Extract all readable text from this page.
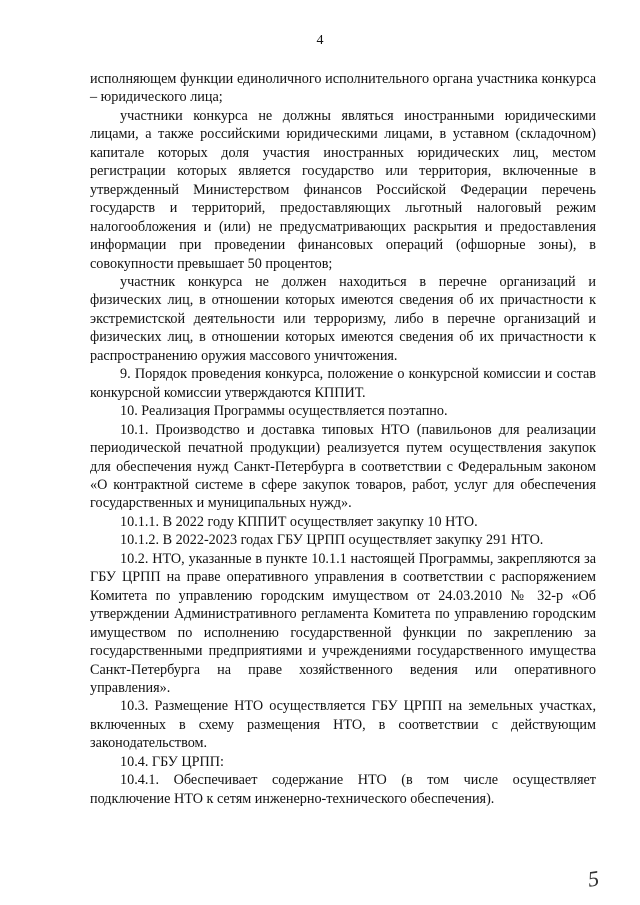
4

исполняющем функции единоличного исполнительного органа участника конкурса – юридического лица;

участники конкурса не должны являться иностранными юридическими лицами, а также российскими юридическими лицами, в уставном (складочном) капитале которых доля участия иностранных юридических лиц, местом регистрации которых является государство или территория, включенные в утвержденный Министерством финансов Российской Федерации перечень государств и территорий, предоставляющих льготный налоговый режим налогообложения и (или) не предусматривающих раскрытия и предоставления информации при проведении финансовых операций (офшорные зоны), в совокупности превышает 50 процентов;

участник конкурса не должен находиться в перечне организаций и физических лиц, в отношении которых имеются сведения об их причастности к экстремистской деятельности или терроризму, либо в перечне организаций и физических лиц, в отношении которых имеются сведения об их причастности к распространению оружия массового уничтожения.

9. Порядок проведения конкурса, положение о конкурсной комиссии и состав конкурсной комиссии утверждаются КППИТ.

10. Реализация Программы осуществляется поэтапно.

10.1. Производство и доставка типовых НТО (павильонов для реализации периодической печатной продукции) реализуется путем осуществления закупок для обеспечения нужд Санкт-Петербурга в соответствии с Федеральным законом «О контрактной системе в сфере закупок товаров, работ, услуг для обеспечения государственных и муниципальных нужд».

10.1.1. В 2022 году КППИТ осуществляет закупку 10 НТО.

10.1.2. В 2022-2023 годах ГБУ ЦРПП осуществляет закупку 291 НТО.

10.2. НТО, указанные в пункте 10.1.1 настоящей Программы, закрепляются за ГБУ ЦРПП на праве оперативного управления в соответствии с распоряжением Комитета по управлению городским имуществом от 24.03.2010 № 32-р «Об утверждении Административного регламента Комитета по управлению городским имуществом по исполнению государственной функции по закреплению за государственными предприятиями и учреждениями государственного имущества Санкт-Петербурга на праве хозяйственного ведения или оперативного управления».

10.3. Размещение НТО осуществляется ГБУ ЦРПП на земельных участках, включенных в схему размещения НТО, в соответствии с действующим законодательством.

10.4. ГБУ ЦРПП:

10.4.1. Обеспечивает содержание НТО (в том числе осуществляет подключение НТО к сетям инженерно-технического обеспечения).

5
